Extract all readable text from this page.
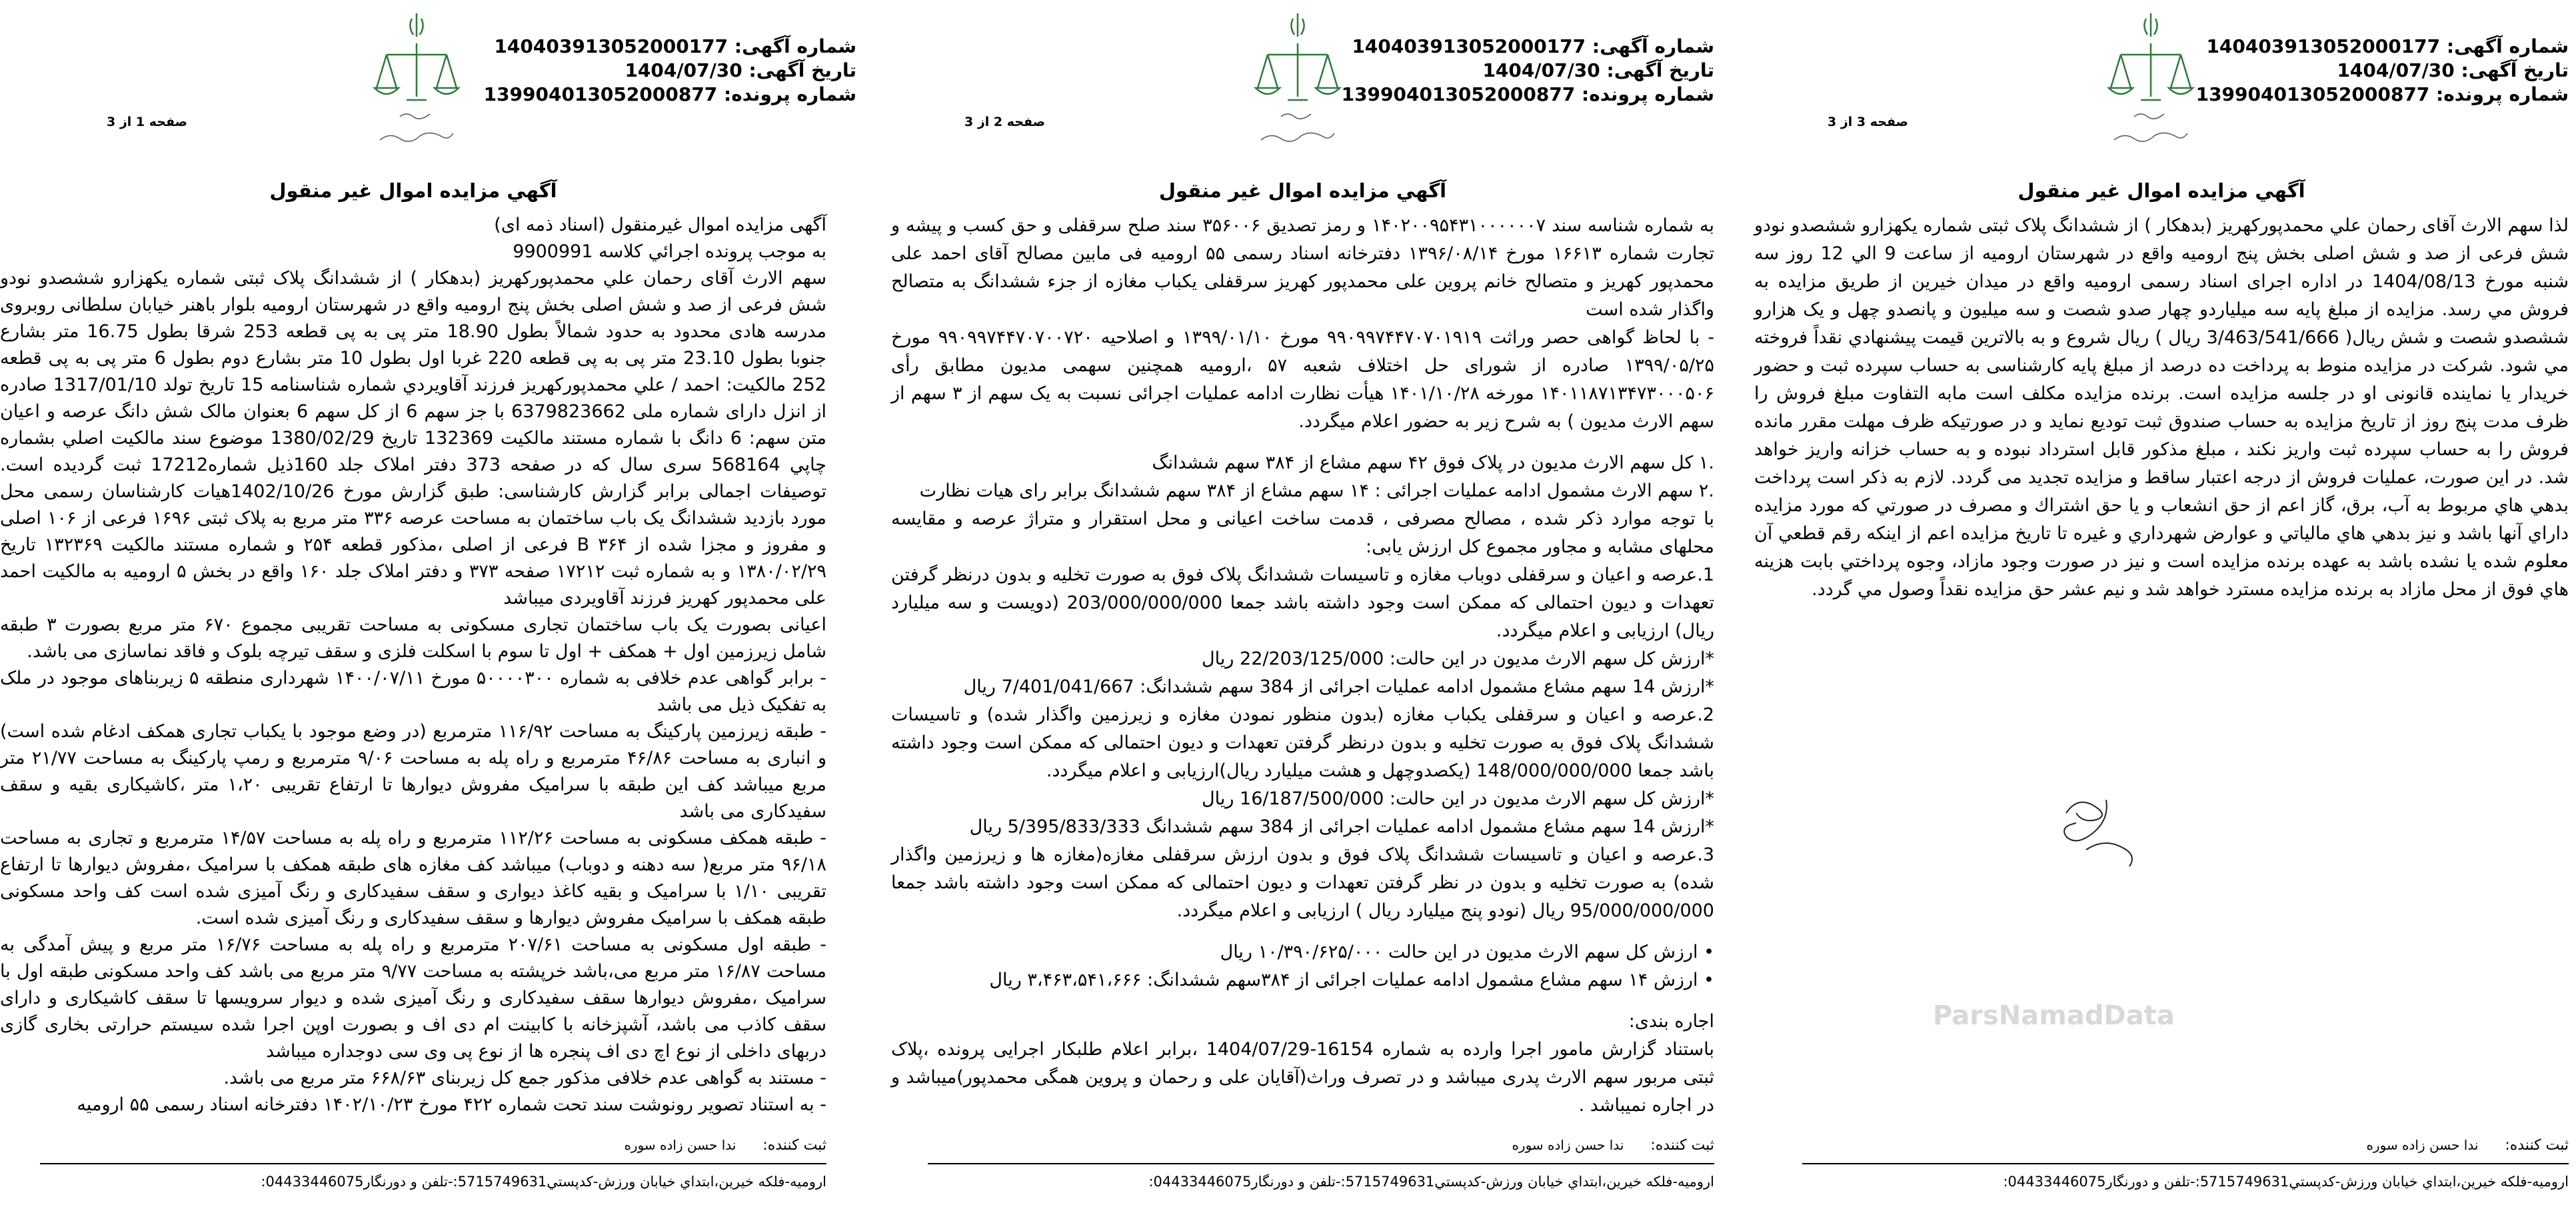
شماره آگهی: 140403913052000177
تاریخ آگهی: 1404/07/30
شماره پرونده: 139904013052000877
صفحه 3 از 3
آگهي مزايده اموال غير منقول

لذا سهم الارث آقای رحمان علي محمدپوركهريز (بدهكار ) از ششدانگ پلاک ثبتی شماره يكهزارو ششصدو نودو شش فرعی از صد و شش اصلی بخش پنج ارومیه واقع در شهرستان ارومیه از ساعت 9 الي 12 روز سه شنبه مورخ 1404/08/13 در اداره اجرای اسناد رسمی ارومیه واقع در میدان خیرین از طریق مزایده به فروش مي رسد. مزايده از مبلغ پايه سه میلیاردو چهار صدو شصت و سه میلیون و پانصدو چهل و یک هزارو ششصدو شصت و شش ريال( 3/463/541/666 ريال ) ريال شروع و به بالاترين قيمت پيشنهادي نقداً فروخته مي شود. شركت در مزایده منوط به پرداخت ده درصد از مبلغ پایه كارشناسی به حساب سپرده ثبت و حضور خریدار یا نماینده قانونی او در جلسه مزایده است. برنده مزایده مكلف است مابه التفاوت مبلغ فروش را ظرف مدت پنج روز از تاریخ مزایده به حساب صندوق ثبت تودیع نماید و در صورتیكه ظرف مهلت مقرر مانده فروش را به حساب سپرده ثبت واریز نكند ، مبلغ مذكور قابل استرداد نبوده و به حساب خزانه واریز خواهد شد. در این صورت، عملیات فروش از درجه اعتبار ساقط و مزایده تجدید می گردد. لازم به ذكر است پرداخت بدهي هاي مربوط به آب، برق، گاز اعم از حق انشعاب و يا حق اشتراك و مصرف در صورتي كه مورد مزايده داراي آنها باشد و نيز بدهي هاي مالياتي و عوارض شهرداري و غيره تا تاريخ مزايده اعم از اينكه رقم قطعي آن معلوم شده يا نشده باشد به عهده برنده مزايده است و نيز در صورت وجود مازاد، وجوه پرداختي بابت هزينه هاي فوق از محل مازاد به برنده مزايده مسترد خواهد شد و نيم عشر حق مزايده نقداً وصول مي گردد.

ثبت کننده:ندا حسن زاده سوره
اروميه-فلکه خيرين،ابتداي خيابان ورزش-کدپستي5715749631:-تلفن و دورنگار04433446075:
ParsNamadData
شماره آگهی: 140403913052000177
تاریخ آگهی: 1404/07/30
شماره پرونده: 139904013052000877
صفحه 2 از 3
آگهي مزايده اموال غير منقول

به شماره شناسه سند ۱۴۰۲۰۰۹۵۴۳۱۰۰۰۰۰۰۷ و رمز تصدیق ۳۵۶۰۰۶ سند صلح سرقفلی و حق کسب و پیشه و تجارت شماره ۱۶۶۱۳ مورخ ۱۳۹۶/۰۸/۱۴ دفترخانه اسناد رسمی ۵۵ ارومیه فی مابین مصالح آقای احمد علی محمدپور کهریز و متصالح خانم پروین علی محمدپور کهریز سرقفلی یکباب مغازه از جزء ششدانگ به متصالح واگذار شده است

- با لحاظ گواهی حصر وراثت ۹۹۰۹۹۷۴۴۷۰۷۰۱۹۱۹ مورخ ۱۳۹۹/۰۱/۱۰ و اصلاحیه ۹۹۰۹۹۷۴۴۷۰۷۰۰۷۲۰ مورخ ۱۳۹۹/۰۵/۲۵ صادره از شورای حل اختلاف شعبه ۵۷ ،ارومیه همچنین سهمی مدیون مطابق رأی ۱۴۰۱۱۸۷۱۳۴۷۳۰۰۰۵۰۶ مورخه ۱۴۰۱/۱۰/۲۸ هیأت نظارت ادامه عملیات اجرائی نسبت به یک سهم از ۳ سهم از سهم الارث مدیون ) به شرح زیر به حضور اعلام میگردد.

.۱ کل سهم الارث مدیون در پلاک فوق ۴۲ سهم مشاع از ۳۸۴ سهم ششدانگ

.۲ سهم الارث مشمول ادامه عملیات اجرائی : ۱۴ سهم مشاع از ۳۸۴ سهم ششدانگ برابر رای هیات نظارت

با توجه موارد ذکر شده ، مصالح مصرفی ، قدمت ساخت اعیانی و محل استقرار و متراژ عرصه و مقایسه محلهای مشابه و مجاور مجموع کل ارزش یابی:

1.عرصه و اعیان و سرقفلی دوباب مغازه و تاسیسات ششدانگ پلاک فوق به صورت تخلیه و بدون درنظر گرفتن تعهدات و دیون احتمالی که ممکن است وجود داشته باشد جمعا 203/000/000/000 (دویست و سه میلیارد ریال) ارزیابی و اعلام میگردد.

*ارزش کل سهم الارث مدیون در این حالت: 22/203/125/000 ریال

*ارزش 14 سهم مشاع مشمول ادامه عملیات اجرائی از 384 سهم ششدانگ: 7/401/041/667 ریال

2.عرصه و اعیان و سرقفلی یکباب مغازه (بدون منظور نمودن مغازه و زیرزمین واگذار شده) و تاسیسات ششدانگ پلاک فوق به صورت تخلیه و بدون درنظر گرفتن تعهدات و دیون احتمالی که ممکن است وجود داشته باشد جمعا 148/000/000/000 (یکصدوچهل و هشت میلیارد ریال)ارزیابی و اعلام میگردد.

*ارزش کل سهم الارث مدیون در این حالت: 16/187/500/000 ریال

*ارزش 14 سهم مشاع مشمول ادامه عملیات اجرائی از 384 سهم ششدانگ 5/395/833/333 ریال

3.عرصه و اعیان و تاسیسات ششدانگ پلاک فوق و بدون ارزش سرقفلی مغازه(مغازه ها و زیرزمین واگذار شده) به صورت تخلیه و بدون در نظر گرفتن تعهدات و دیون احتمالی که ممکن است وجود داشته باشد جمعا 95/000/000/000 ریال (نودو پنج میلیارد ریال ) ارزیابی و اعلام میگردد.

• ارزش کل سهم الارث مدیون در این حالت ۱۰/۳۹۰/۶۲۵/۰۰۰ ریال

• ارزش ۱۴ سهم مشاع مشمول ادامه عملیات اجرائی از ۳۸۴سهم ششدانگ: ۳،۴۶۳،۵۴۱،۶۶۶ ریال

اجاره بندی:

باستناد گزارش مامور اجرا وارده به شماره 16154-1404/07/29 ،برابر اعلام طلبکار اجرایی پرونده ،پلاک ثبتی مربور سهم الارث پدری میباشد و در تصرف وراث(آقایان علی و رحمان و پروین همگی محمدپور)میباشد و در اجاره نمیباشد .

ثبت کننده:ندا حسن زاده سوره
اروميه-فلکه خيرين،ابتداي خيابان ورزش-کدپستي5715749631:-تلفن و دورنگار04433446075:
شماره آگهی: 140403913052000177
تاریخ آگهی: 1404/07/30
شماره پرونده: 139904013052000877
صفحه 1 از 3
آگهي مزايده اموال غير منقول

آگهی مزایده اموال غیرمنقول (اسناد ذمه ای)

به موجب پرونده اجرائي كلاسه 9900991

سهم الارث آقای رحمان علي محمدپوركهريز (بدهكار ) از ششدانگ پلاک ثبتی شماره یکهزارو ششصدو نودو شش فرعی از صد و شش اصلی بخش پنج ارومیه واقع در شهرستان ارومیه بلوار باهنر خیابان سلطانی روبروی مدرسه هادی محدود به حدود شمالاً بطول 18.90 متر پی به پی قطعه 253 شرقا بطول 16.75 متر بشارع جنوبا بطول 23.10 متر پی به پی قطعه 220 غربا اول بطول 10 متر بشارع دوم بطول 6 متر پی به پی قطعه 252 مالکیت: احمد / علي محمدپوركهريز فرزند آقاويردي شماره شناسنامه 15 تاریخ تولد 1317/01/10 صادره از انزل دارای شماره ملی 6379823662 با جز سهم 6 از کل سهم 6 بعنوان مالک شش دانگ عرصه و اعیان متن سهم: 6 دانگ با شماره مستند مالکیت 132369 تاریخ 1380/02/29 موضوع سند مالکیت اصلي بشماره چاپي 568164 سری سال که در صفحه 373 دفتر املاک جلد 160ذیل شماره17212 ثبت گردیده است. توصیفات اجمالی برابر گزارش کارشناسی: طبق گزارش مورخ 1402/10/26هیات کارشناسان رسمی محل مورد بازدید ششدانگ یک باب ساختمان به مساحت عرصه ۳۳۶ متر مربع به پلاک ثبتی ۱۶۹۶ فرعی از ۱۰۶ اصلی و مفروز و مجزا شده از ۳۶۴ B فرعی از اصلی ،مذکور قطعه ۲۵۴ و شماره مستند مالکیت ۱۳۲۳۶۹ تاریخ ۱۳۸۰/۰۲/۲۹ و به شماره ثبت ۱۷۲۱۲ صفحه ۳۷۳ و دفتر املاک جلد ۱۶۰ واقع در بخش ۵ ارومیه به مالکیت احمد علی محمدپور کهریز فرزند آقاویردی میباشد

اعیانی بصورت یک باب ساختمان تجاری مسکونی به مساحت تقریبی مجموع ۶۷۰ متر مربع بصورت ۳ طبقه شامل زیرزمین اول + همکف + اول تا سوم با اسکلت فلزی و سقف تیرچه بلوک و فاقد نماسازی می باشد.

- برابر گواهی عدم خلافی به شماره ۵۰۰۰۰۳۰۰ مورخ ۱۴۰۰/۰۷/۱۱ شهرداری منطقه ۵ زیربناهای موجود در ملک به تفکیک ذیل می باشد

- طبقه زیرزمین پارکینگ به مساحت ۱۱۶/۹۲ مترمربع (در وضع موجود با یکباب تجاری همکف ادغام شده است) و انباری به مساحت ۴۶/۸۶ مترمربع و راه پله به مساحت ۹/۰۶ مترمربع و رمپ پارکینگ به مساحت ۲۱/۷۷ متر مربع میباشد کف این طبقه با سرامیک مفروش دیوارها تا ارتفاع تقریبی ۱،۲۰ متر ،کاشیکاری بقیه و سقف سفیدکاری می باشد

- طبقه همکف مسکونی به مساحت ۱۱۲/۲۶ مترمربع و راه پله به مساحت ۱۴/۵۷ مترمربع و تجاری به مساحت ۹۶/۱۸ متر مربع( سه دهنه و دوباب) میباشد کف مغازه های طبقه همکف با سرامیک ،مفروش دیوارها تا ارتفاع تقریبی ۱/۱۰ با سرامیک و بقیه کاغذ دیواری و سقف سفیدکاری و رنگ آمیزی شده است کف واحد مسکونی طبقه همکف با سرامیک مفروش دیوارها و سقف سفیدکاری و رنگ آمیزی شده است.

- طبقه اول مسکونی به مساحت ۲۰۷/۶۱ مترمربع و راه پله به مساحت ۱۶/۷۶ متر مربع و پیش آمدگی به مساحت ۱۶/۸۷ متر مربع می،باشد خرپشته به مساحت ۹/۷۷ متر مربع می باشد کف واحد مسکونی طبقه اول با سرامیک ،مفروش دیوارها سقف سفیدکاری و رنگ آمیزی شده و دیوار سرویسها تا سقف کاشیکاری و دارای سقف کاذب می باشد، آشپزخانه با کابینت ام دی اف و بصورت اوپن اجرا شده سیستم حرارتی بخاری گازی دربهای داخلی از نوع اچ دی اف پنجره ها از نوع پی وی سی دوجداره میباشد

- مستند به گواهی عدم خلافی مذکور جمع کل زیربنای ۶۶۸/۶۳ متر مربع می باشد.

- به استناد تصویر رونوشت سند تحت شماره ۴۲۲ مورخ ۱۴۰۲/۱۰/۲۳ دفترخانه اسناد رسمی ۵۵ ارومیه

ثبت کننده:ندا حسن زاده سوره
اروميه-فلکه خيرين،ابتداي خيابان ورزش-کدپستي5715749631:-تلفن و دورنگار04433446075:
